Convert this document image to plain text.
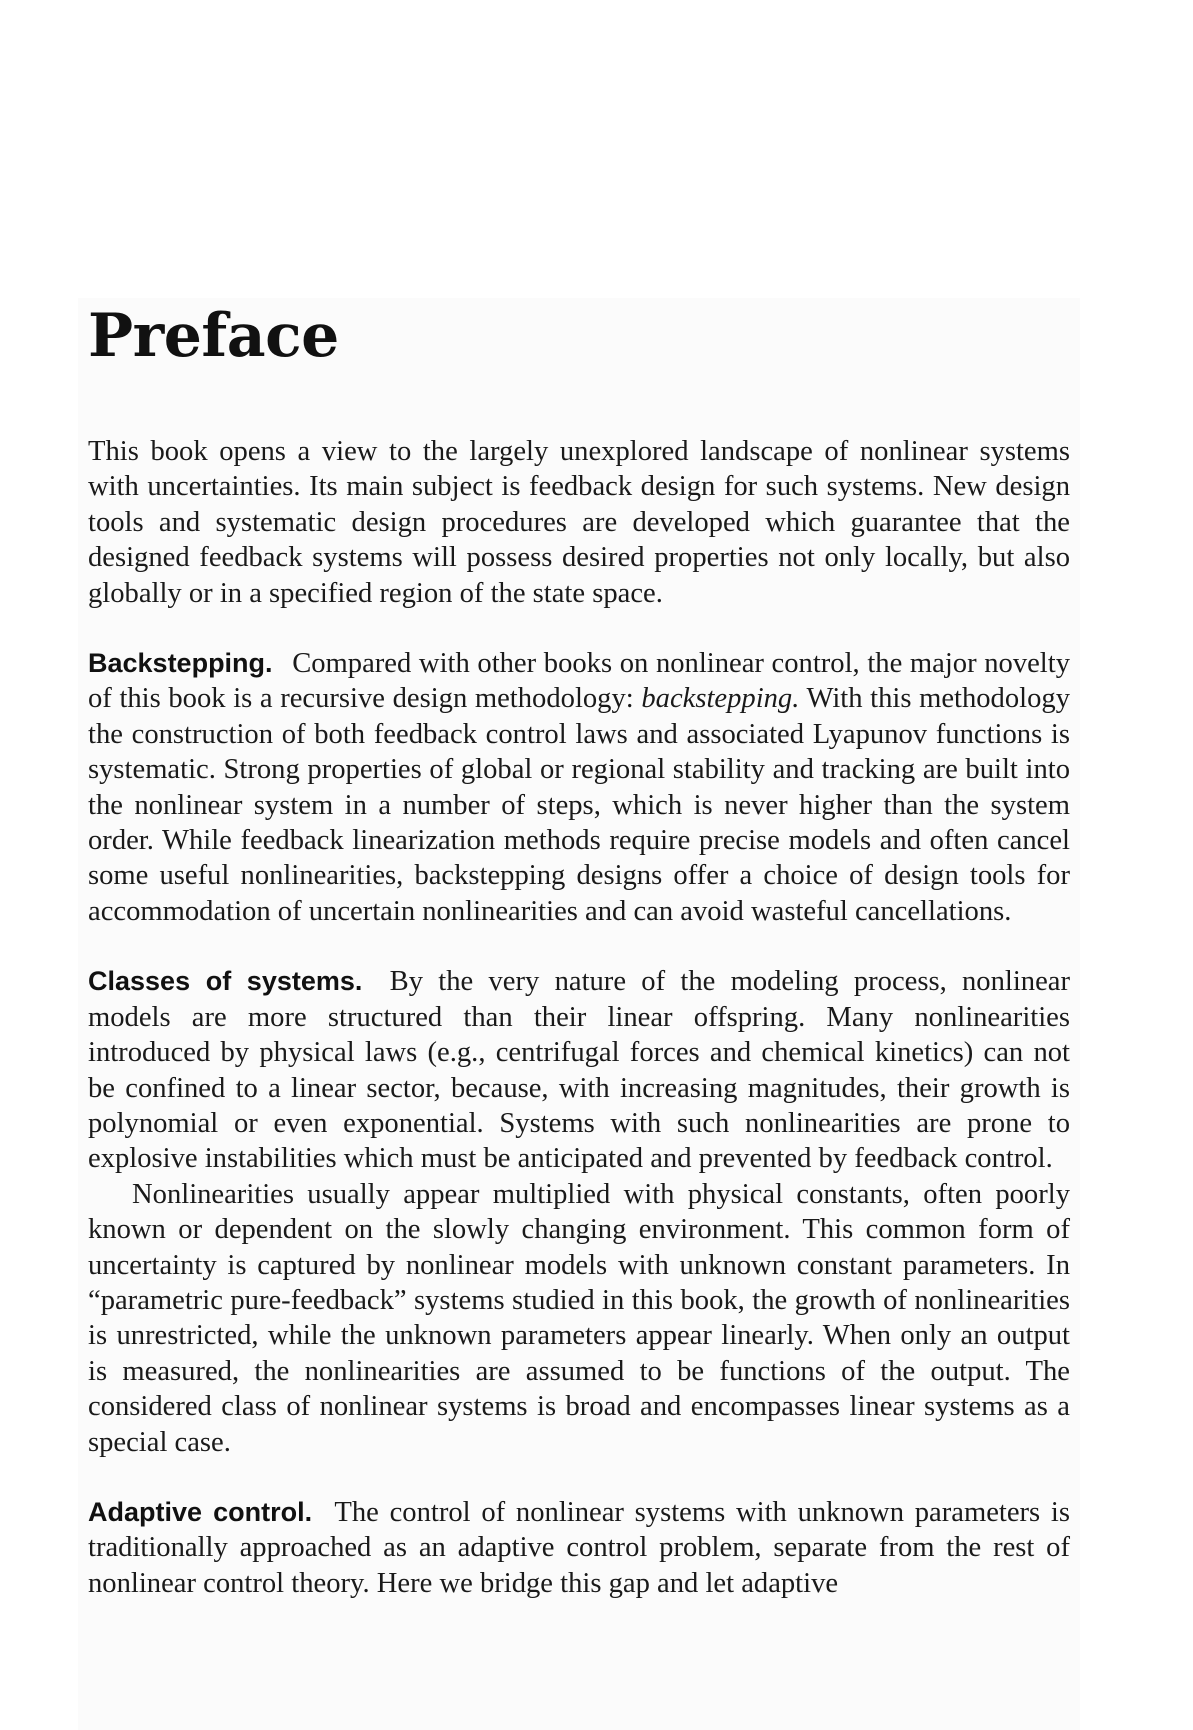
Preface

This book opens a view to the largely unexplored landscape of nonlinear systems with uncertainties. Its main subject is feedback design for such systems. New design tools and systematic design procedures are developed which guarantee that the designed feedback systems will possess desired properties not only locally, but also globally or in a specified region of the state space.

Backstepping. Compared with other books on nonlinear control, the major novelty of this book is a recursive design methodology: backstepping. With this methodology the construction of both feedback control laws and associated Lyapunov functions is systematic. Strong properties of global or regional stability and tracking are built into the nonlinear system in a number of steps, which is never higher than the system order. While feedback linearization methods require precise models and often cancel some useful nonlinearities, backstepping designs offer a choice of design tools for accommodation of uncertain nonlinearities and can avoid wasteful cancellations.

Classes of systems. By the very nature of the modeling process, nonlinear models are more structured than their linear offspring. Many nonlinearities introduced by physical laws (e.g., centrifugal forces and chemical kinetics) can not be confined to a linear sector, because, with increasing magnitudes, their growth is polynomial or even exponential. Systems with such nonlinearities are prone to explosive instabilities which must be anticipated and prevented by feedback control.

Nonlinearities usually appear multiplied with physical constants, often poorly known or dependent on the slowly changing environment. This common form of uncertainty is captured by nonlinear models with unknown constant parameters. In “parametric pure-feedback” systems studied in this book, the growth of nonlinearities is unrestricted, while the unknown parameters appear linearly. When only an output is measured, the nonlinearities are assumed to be functions of the output. The considered class of nonlinear systems is broad and encompasses linear systems as a special case.

Adaptive control. The control of nonlinear systems with unknown parameters is traditionally approached as an adaptive control problem, separate from the rest of nonlinear control theory. Here we bridge this gap and let adaptive
